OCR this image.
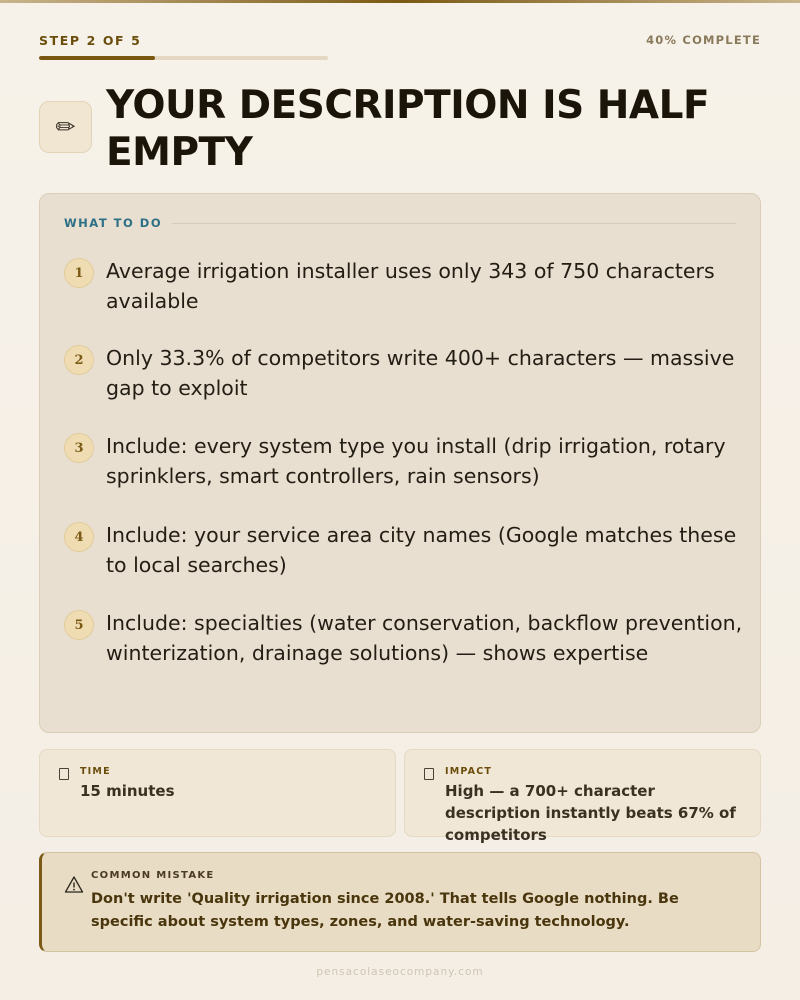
STEP 2 OF 5	40% COMPLETE
✏ YOUR DESCRIPTION IS HALF EMPTY
WHAT TO DO
1	Average irrigation installer uses only 343 of 750 characters available
2	Only 33.3% of competitors write 400+ characters — massive gap to exploit
3	Include: every system type you install (drip irrigation, rotary sprinklers, smart controllers, rain sensors)
4	Include: your service area city names (Google matches these to local searches)
5	Include: specialties (water conservation, backflow prevention, winterization, drainage solutions) — shows expertise
TIME
15 minutes
IMPACT
High — a 700+ character description instantly beats 67% of competitors
COMMON MISTAKE
Don't write 'Quality irrigation since 2008.' That tells Google nothing. Be specific about system types, zones, and water-saving technology.
pensacolaseocompany.com
